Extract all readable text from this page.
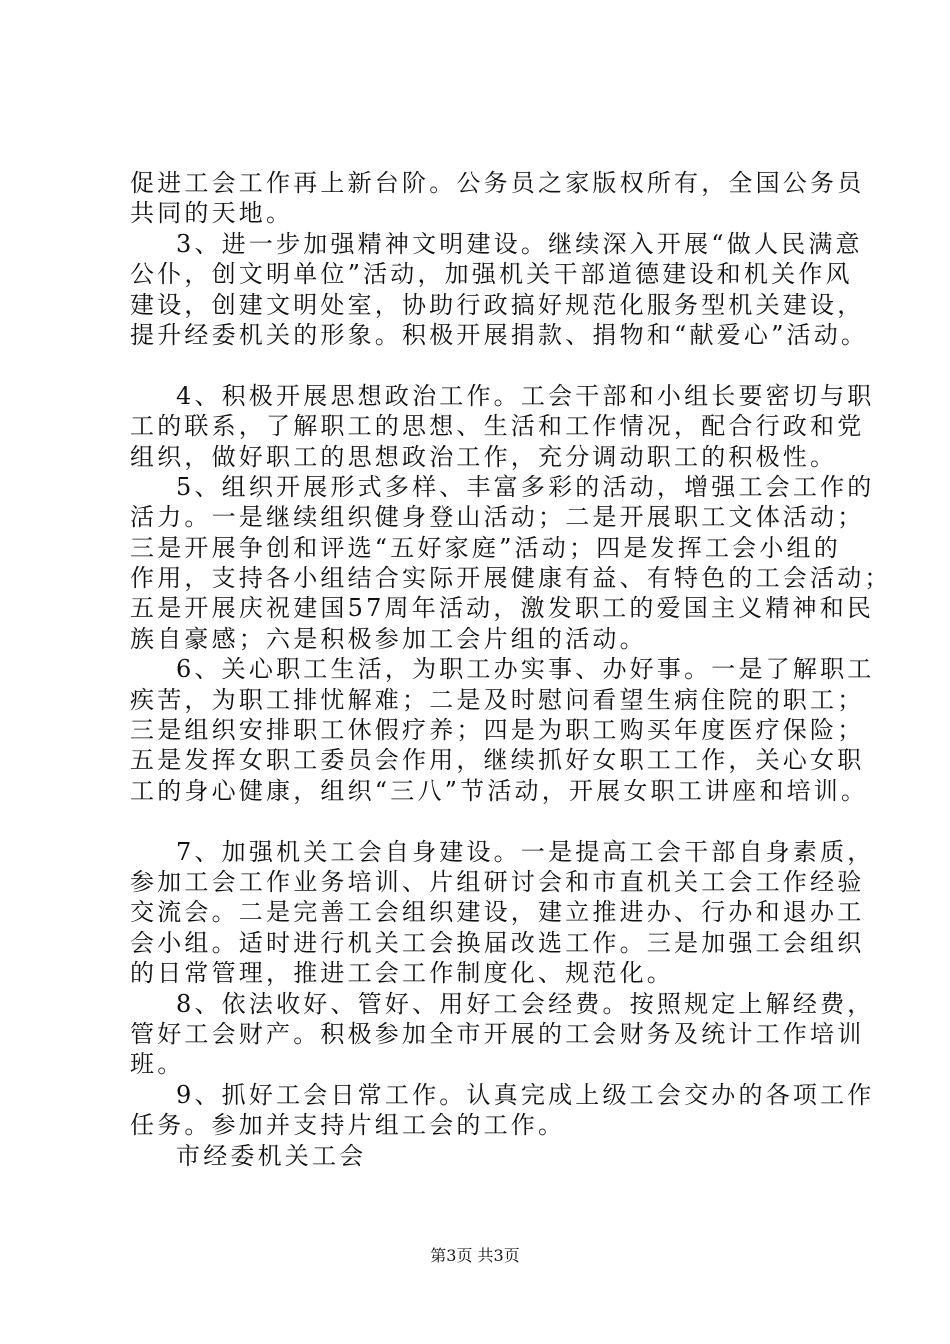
促进工会工作再上新台阶。公务员之家版权所有，全国公务员
共同的天地。
3、进一步加强精神文明建设。继续深入开展“做人民满意
公仆，创文明单位”活动，加强机关干部道德建设和机关作风
建设，创建文明处室，协助行政搞好规范化服务型机关建设，
提升经委机关的形象。积极开展捐款、捐物和“献爱心”活动。
4、积极开展思想政治工作。工会干部和小组长要密切与职
工的联系，了解职工的思想、生活和工作情况，配合行政和党
组织，做好职工的思想政治工作，充分调动职工的积极性。
5、组织开展形式多样、丰富多彩的活动，增强工会工作的
活力。一是继续组织健身登山活动；二是开展职工文体活动；
三是开展争创和评选“五好家庭”活动；四是发挥工会小组的
作用，支持各小组结合实际开展健康有益、有特色的工会活动；
五是开展庆祝建国57周年活动，激发职工的爱国主义精神和民
族自豪感；六是积极参加工会片组的活动。
6、关心职工生活，为职工办实事、办好事。一是了解职工
疾苦，为职工排忧解难；二是及时慰问看望生病住院的职工；
三是组织安排职工休假疗养；四是为职工购买年度医疗保险；
五是发挥女职工委员会作用，继续抓好女职工工作，关心女职
工的身心健康，组织“三八”节活动，开展女职工讲座和培训。
7、加强机关工会自身建设。一是提高工会干部自身素质，
参加工会工作业务培训、片组研讨会和市直机关工会工作经验
交流会。二是完善工会组织建设，建立推进办、行办和退办工
会小组。适时进行机关工会换届改选工作。三是加强工会组织
的日常管理，推进工会工作制度化、规范化。
8、依法收好、管好、用好工会经费。按照规定上解经费，
管好工会财产。积极参加全市开展的工会财务及统计工作培训
班。
9、抓好工会日常工作。认真完成上级工会交办的各项工作
任务。参加并支持片组工会的工作。
市经委机关工会
第3页 共3页
